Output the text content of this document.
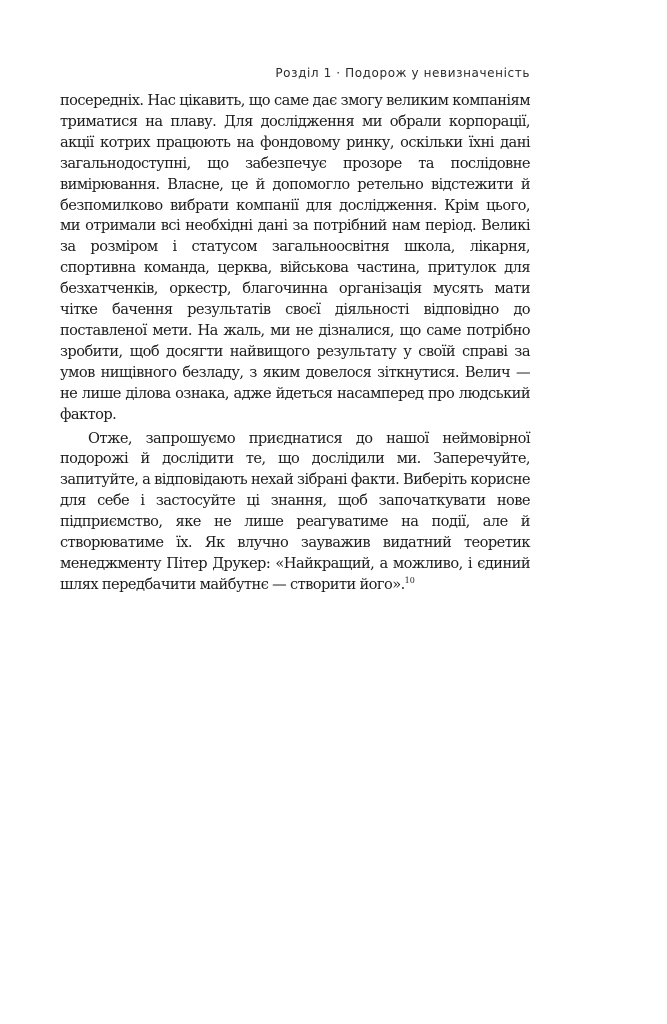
Розділ 1 · Подорож у невизначеність

посередніх. Нас цікавить, що саме дає змогу великим компаніям триматися на плаву. Для дослідження ми обрали корпорації, акції котрих працюють на фондовому ринку, оскільки їхні дані загальнодоступні, що забезпечує прозоре та послідовне вимірювання. Власне, це й допомогло ретельно відстежити й безпомилково вибрати компанії для дослідження. Крім цього, ми отримали всі необхідні дані за потрібний нам період. Великі за розміром і статусом загальноосвітня школа, лікарня, спортивна команда, церква, військова частина, притулок для безхатченків, оркестр, благочинна організація мусять мати чітке бачення результатів своєї діяльності відповідно до поставленої мети. На жаль, ми не дізналися, що саме потрібно зробити, щоб досягти найвищого результату у своїй справі за умов нищівного безладу, з яким довелося зіткнутися. Велич — не лише ділова ознака, адже йдеться насамперед про людський фактор.

Отже, запрошуємо приєднатися до нашої неймовірної подорожі й дослідити те, що дослідили ми. Заперечуйте, запитуйте, а відповідають нехай зібрані факти. Виберіть корисне для себе і застосуйте ці знання, щоб започаткувати нове підприємство, яке не лише реагуватиме на події, але й створюватиме їх. Як влучно зауважив видатний теоретик менеджменту Пітер Друкер: «Найкращий, а можливо, і єдиний шлях передбачити майбутнє — створити його».$^{10}$
